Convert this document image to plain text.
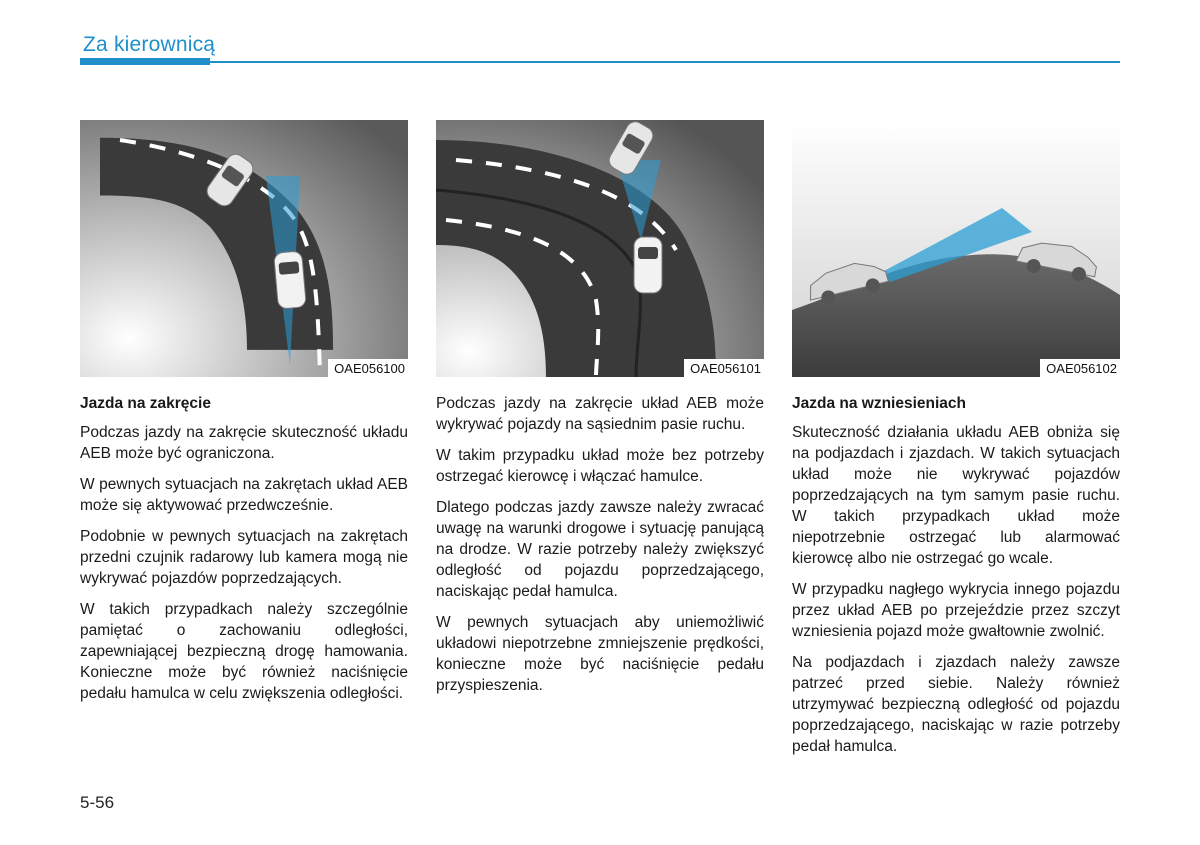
Za kierownicą
OAE056100	OAE056101	OAE056102
Jazda na zakręcie

Podczas jazdy na zakręcie skuteczność układu AEB może być ograniczona.

W pewnych sytuacjach na zakrętach układ AEB może się aktywować przedwcześnie.

Podobnie w pewnych sytuacjach na zakrętach przedni czujnik radarowy lub kamera mogą nie wykrywać pojazdów poprzedzających.

W takich przypadkach należy szczególnie pamiętać o zachowaniu odległości, zapewniającej bezpieczną drogę hamowania. Konieczne może być również naciśnięcie pedału hamulca w celu zwiększenia odległości.

Podczas jazdy na zakręcie układ AEB może wykrywać pojazdy na sąsiednim pasie ruchu.

W takim przypadku układ może bez potrzeby ostrzegać kierowcę i włączać hamulce.

Dlatego podczas jazdy zawsze należy zwracać uwagę na warunki drogowe i sytuację panującą na drodze. W razie potrzeby należy zwiększyć odległość od pojazdu poprzedzającego, naciskając pedał hamulca.

W pewnych sytuacjach aby uniemożliwić układowi niepotrzebne zmniejszenie prędkości, konieczne może być naciśnięcie pedału przyspieszenia.

Jazda na wzniesieniach

Skuteczność działania układu AEB obniża się na podjazdach i zjazdach. W takich sytuacjach układ może nie wykrywać pojazdów poprzedzających na tym samym pasie ruchu. W takich przypadkach układ może niepotrzebnie ostrzegać lub alarmować kierowcę albo nie ostrzegać go wcale.

W przypadku nagłego wykrycia innego pojazdu przez układ AEB po przejeździe przez szczyt wzniesienia pojazd może gwałtownie zwolnić.

Na podjazdach i zjazdach należy zawsze patrzeć przed siebie. Należy również utrzymywać bezpieczną odległość od pojazdu poprzedzającego, naciskając w razie potrzeby pedał hamulca.

5-56
